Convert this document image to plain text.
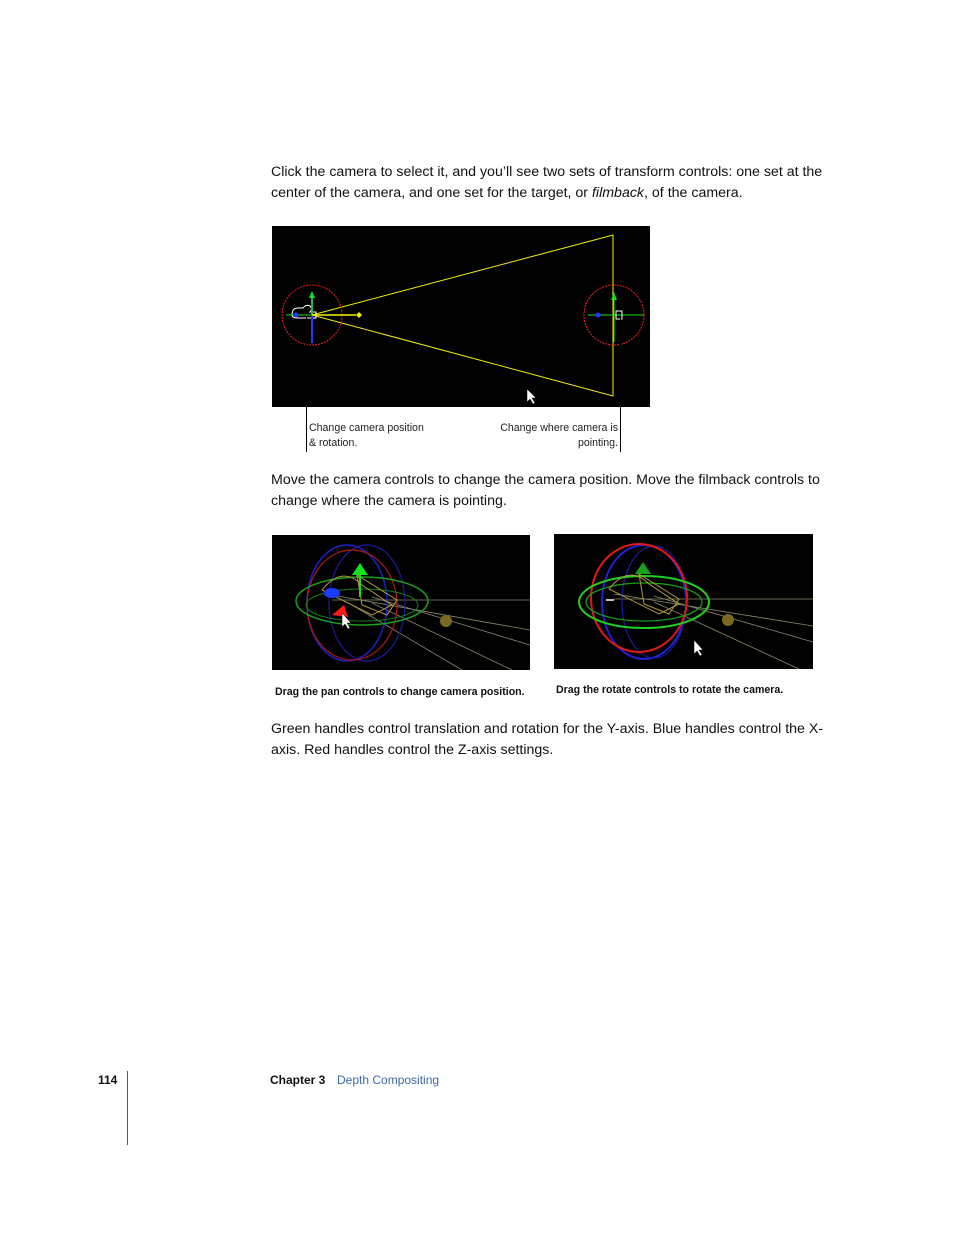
Click the camera to select it, and you’ll see two sets of transform controls: one set at the center of the camera, and one set for the target, or filmback, of the camera.
Change camera position
& rotation.
Change where camera is
pointing.
Move the camera controls to change the camera position. Move the filmback controls to change where the camera is pointing.
Drag the pan controls to change camera position.	Drag the rotate controls to rotate the camera.
Green handles control translation and rotation for the Y-axis. Blue handles control the X-axis. Red handles control the Z-axis settings.
114	Chapter 3 Depth Compositing
